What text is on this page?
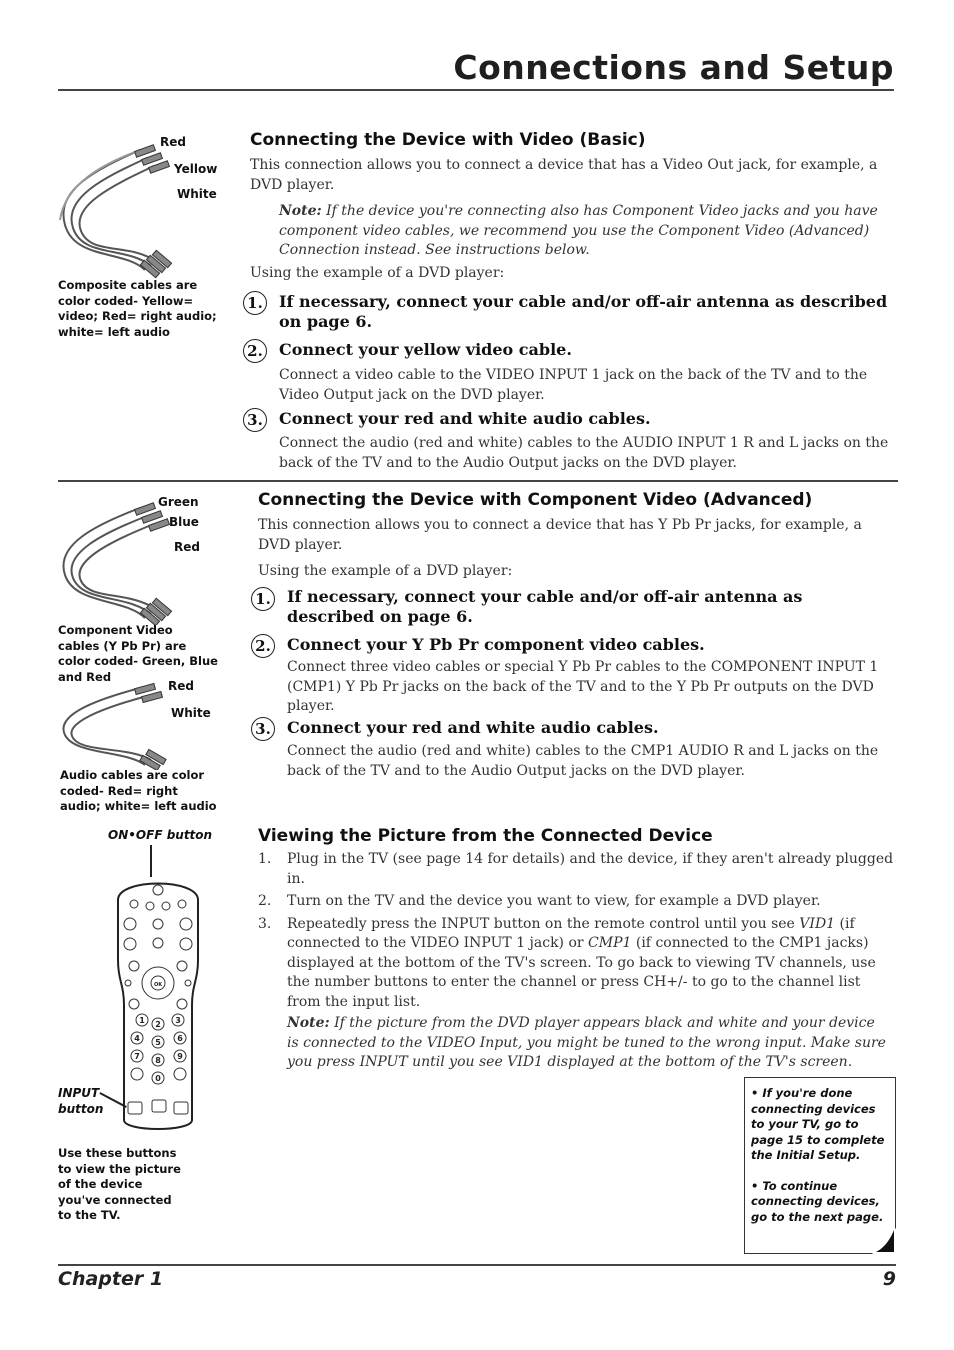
Connections and Setup
Red
Yellow
White
Composite cables are color coded- Yellow= video; Red= right audio; white= left audio
Connecting the Device with Video (Basic)
This connection allows you to connect a device that has a Video Out jack, for example, a DVD player.
Note: If the device you're connecting also has Component Video jacks and you have component video cables, we recommend you use the Component Video (Advanced) Connection instead. See instructions below.
Using the example of a DVD player:
1. If necessary, connect your cable and/or off-air antenna as described on page 6.
2. Connect your yellow video cable.
Connect a video cable to the VIDEO INPUT 1 jack on the back of the TV and to the Video Output jack on the DVD player.
3. Connect your red and white audio cables.
Connect the audio (red and white) cables to the AUDIO INPUT 1 R and L jacks on the back of the TV and to the Audio Output jacks on the DVD player.
Green
Blue
Red
Component Video cables (Y Pb Pr) are color coded- Green, Blue and Red
Red
White
Audio cables are color coded- Red= right audio; white= left audio
Connecting the Device with Component Video (Advanced)
This connection allows you to connect a device that has Y Pb Pr jacks, for example, a DVD player.
Using the example of a DVD player:
1. If necessary, connect your cable and/or off-air antenna as described on page 6.
2. Connect your Y Pb Pr component video cables.
Connect three video cables or special Y Pb Pr cables to the COMPONENT INPUT 1 (CMP1) Y Pb Pr jacks on the back of the TV and to the Y Pb Pr outputs on the DVD player.
3. Connect your red and white audio cables.
Connect the audio (red and white) cables to the CMP1 AUDIO R and L jacks on the back of the TV and to the Audio Output jacks on the DVD player.
ON•OFF button
1 2 3
4 5 6
7 8 9
0
OK
INPUT button
Use these buttons to view the picture of the device you've connected to the TV.
Viewing the Picture from the Connected Device
1. Plug in the TV (see page 14 for details) and the device, if they aren't already plugged in.
2. Turn on the TV and the device you want to view, for example a DVD player.
3. Repeatedly press the INPUT button on the remote control until you see VID1 (if connected to the VIDEO INPUT 1 jack) or CMP1 (if connected to the CMP1 jacks) displayed at the bottom of the TV's screen. To go back to viewing TV channels, use the number buttons to enter the channel or press CH+/- to go to the channel list from the input list.
Note: If the picture from the DVD player appears black and white and your device is connected to the VIDEO Input, you might be tuned to the wrong input. Make sure you press INPUT until you see VID1 displayed at the bottom of the TV's screen.
• If you're done connecting devices to your TV, go to page 15 to complete the Initial Setup.
• To continue connecting devices, go to the next page.
Chapter 1	9
